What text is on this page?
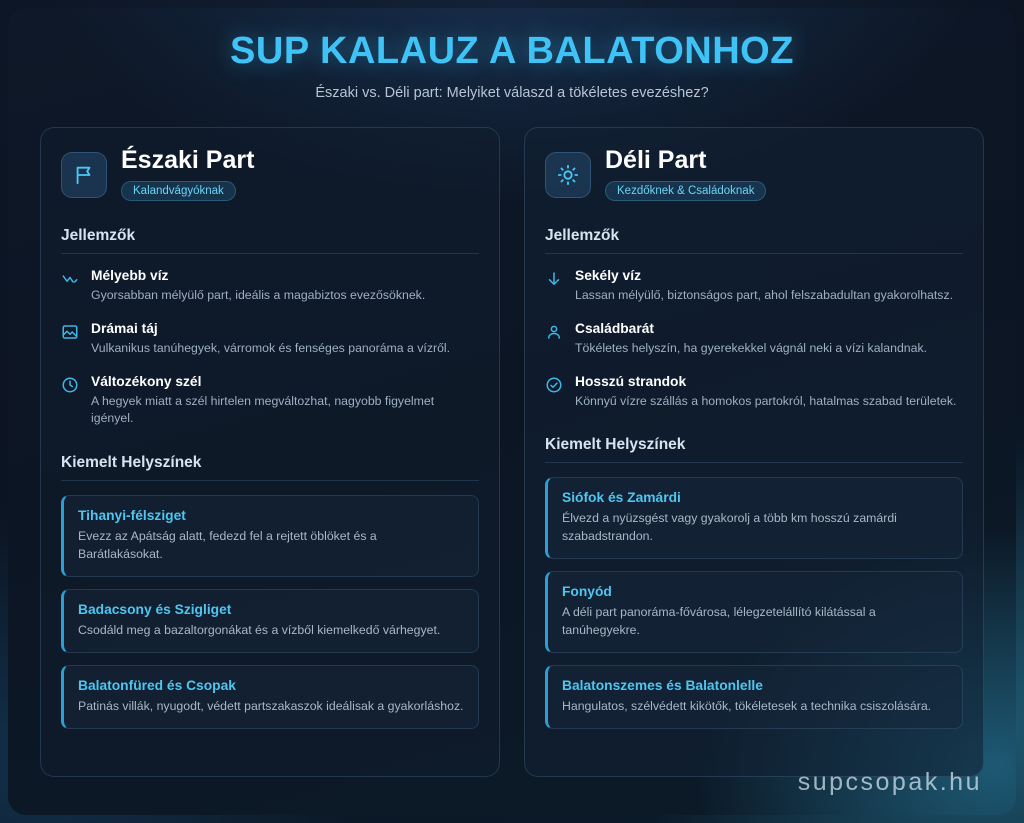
SUP KALAUZ A BALATONHOZ

Északi vs. Déli part: Melyiket válaszd a tökéletes evezéshez?

Északi Part
Kalandvágyóknak
Jellemzők
Mélyebb víz
Gyorsabban mélyülő part, ideális a magabiztos evezősöknek.
Drámai táj
Vulkanikus tanúhegyek, várromok és fenséges panoráma a vízről.
Változékony szél
A hegyek miatt a szél hirtelen megváltozhat, nagyobb figyelmet igényel.
Kiemelt Helyszínek
Tihanyi-félsziget
Evezz az Apátság alatt, fedezd fel a rejtett öblöket és a Barátlakásokat.
Badacsony és Szigliget
Csodáld meg a bazaltorgonákat és a vízből kiemelkedő várhegyet.
Balatonfüred és Csopak
Patinás villák, nyugodt, védett partszakaszok ideálisak a gyakorláshoz.
Déli Part
Kezdőknek & Családoknak
Jellemzők
Sekély víz
Lassan mélyülő, biztonságos part, ahol felszabadultan gyakorolhatsz.
Családbarát
Tökéletes helyszín, ha gyerekekkel vágnál neki a vízi kalandnak.
Hosszú strandok
Könnyű vízre szállás a homokos partokról, hatalmas szabad területek.
Kiemelt Helyszínek
Siófok és Zamárdi
Élvezd a nyüzsgést vagy gyakorolj a több km hosszú zamárdi szabadstrandon.
Fonyód
A déli part panoráma-fővárosa, lélegzetelállító kilátással a tanúhegyekre.
Balatonszemes és Balatonlelle
Hangulatos, szélvédett kikötők, tökéletesek a technika csiszolására.
supcsopak.hu
